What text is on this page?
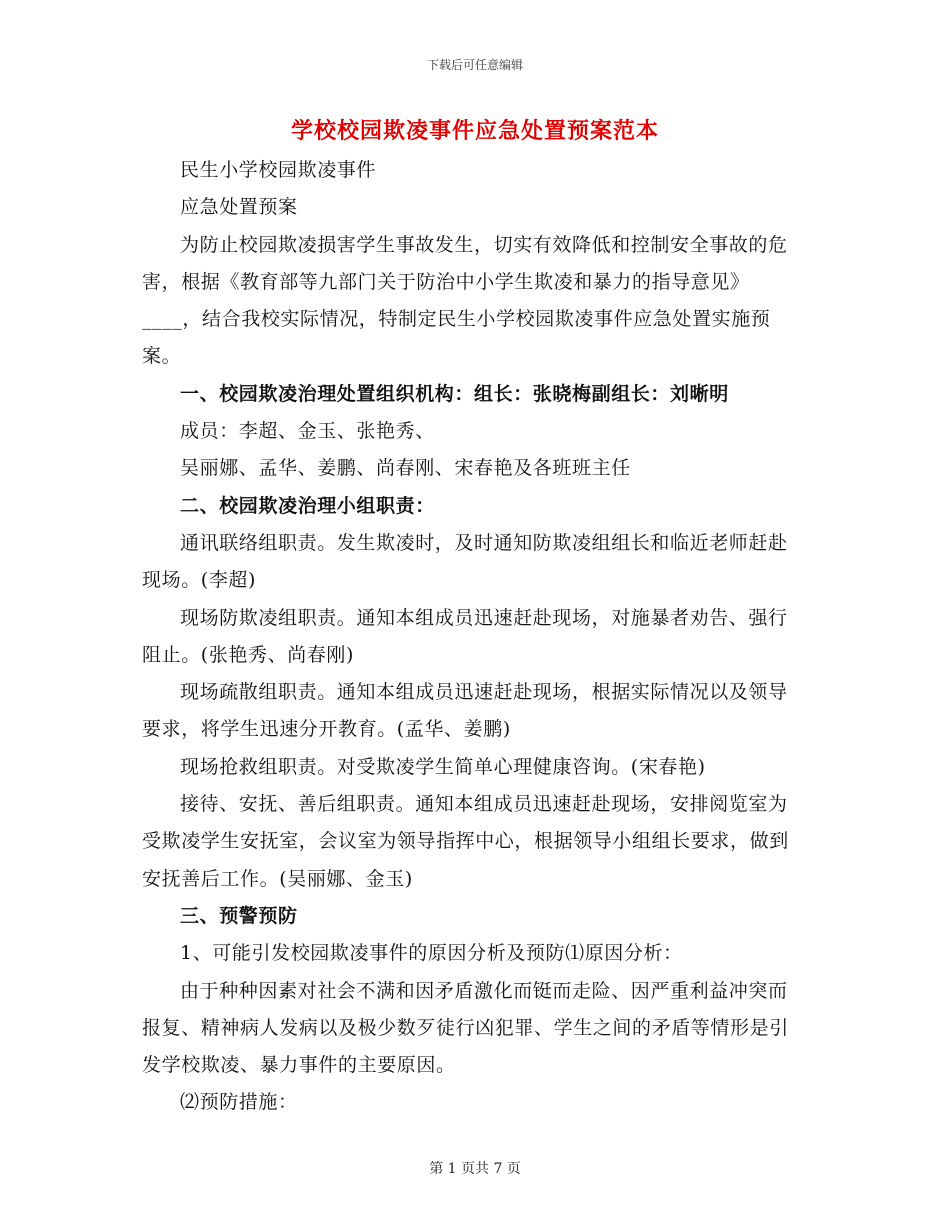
下载后可任意编辑
学校校园欺凌事件应急处置预案范本

民生小学校园欺凌事件

应急处置预案

为防止校园欺凌损害学生事故发生，切实有效降低和控制安全事故的危害，根据《教育部等九部门关于防治中小学生欺凌和暴力的指导意见》____，结合我校实际情况，特制定民生小学校园欺凌事件应急处置实施预案。

一、校园欺凌治理处置组织机构：组长：张晓梅副组长：刘晰明

成员：李超、金玉、张艳秀、

吴丽娜、孟华、姜鹏、尚春刚、宋春艳及各班班主任

二、校园欺凌治理小组职责：

通讯联络组职责。发生欺凌时，及时通知防欺凌组组长和临近老师赶赴现场。(李超)

现场防欺凌组职责。通知本组成员迅速赶赴现场，对施暴者劝告、强行阻止。(张艳秀、尚春刚)

现场疏散组职责。通知本组成员迅速赶赴现场，根据实际情况以及领导要求，将学生迅速分开教育。(孟华、姜鹏)

现场抢救组职责。对受欺凌学生简单心理健康咨询。(宋春艳)

接待、安抚、善后组职责。通知本组成员迅速赶赴现场，安排阅览室为受欺凌学生安抚室，会议室为领导指挥中心，根据领导小组组长要求，做到安抚善后工作。(吴丽娜、金玉)

三、预警预防

1、可能引发校园欺凌事件的原因分析及预防⑴原因分析：

由于种种因素对社会不满和因矛盾激化而铤而走险、因严重利益冲突而报复、精神病人发病以及极少数歹徒行凶犯罪、学生之间的矛盾等情形是引发学校欺凌、暴力事件的主要原因。

⑵预防措施：

第 1 页共 7 页
